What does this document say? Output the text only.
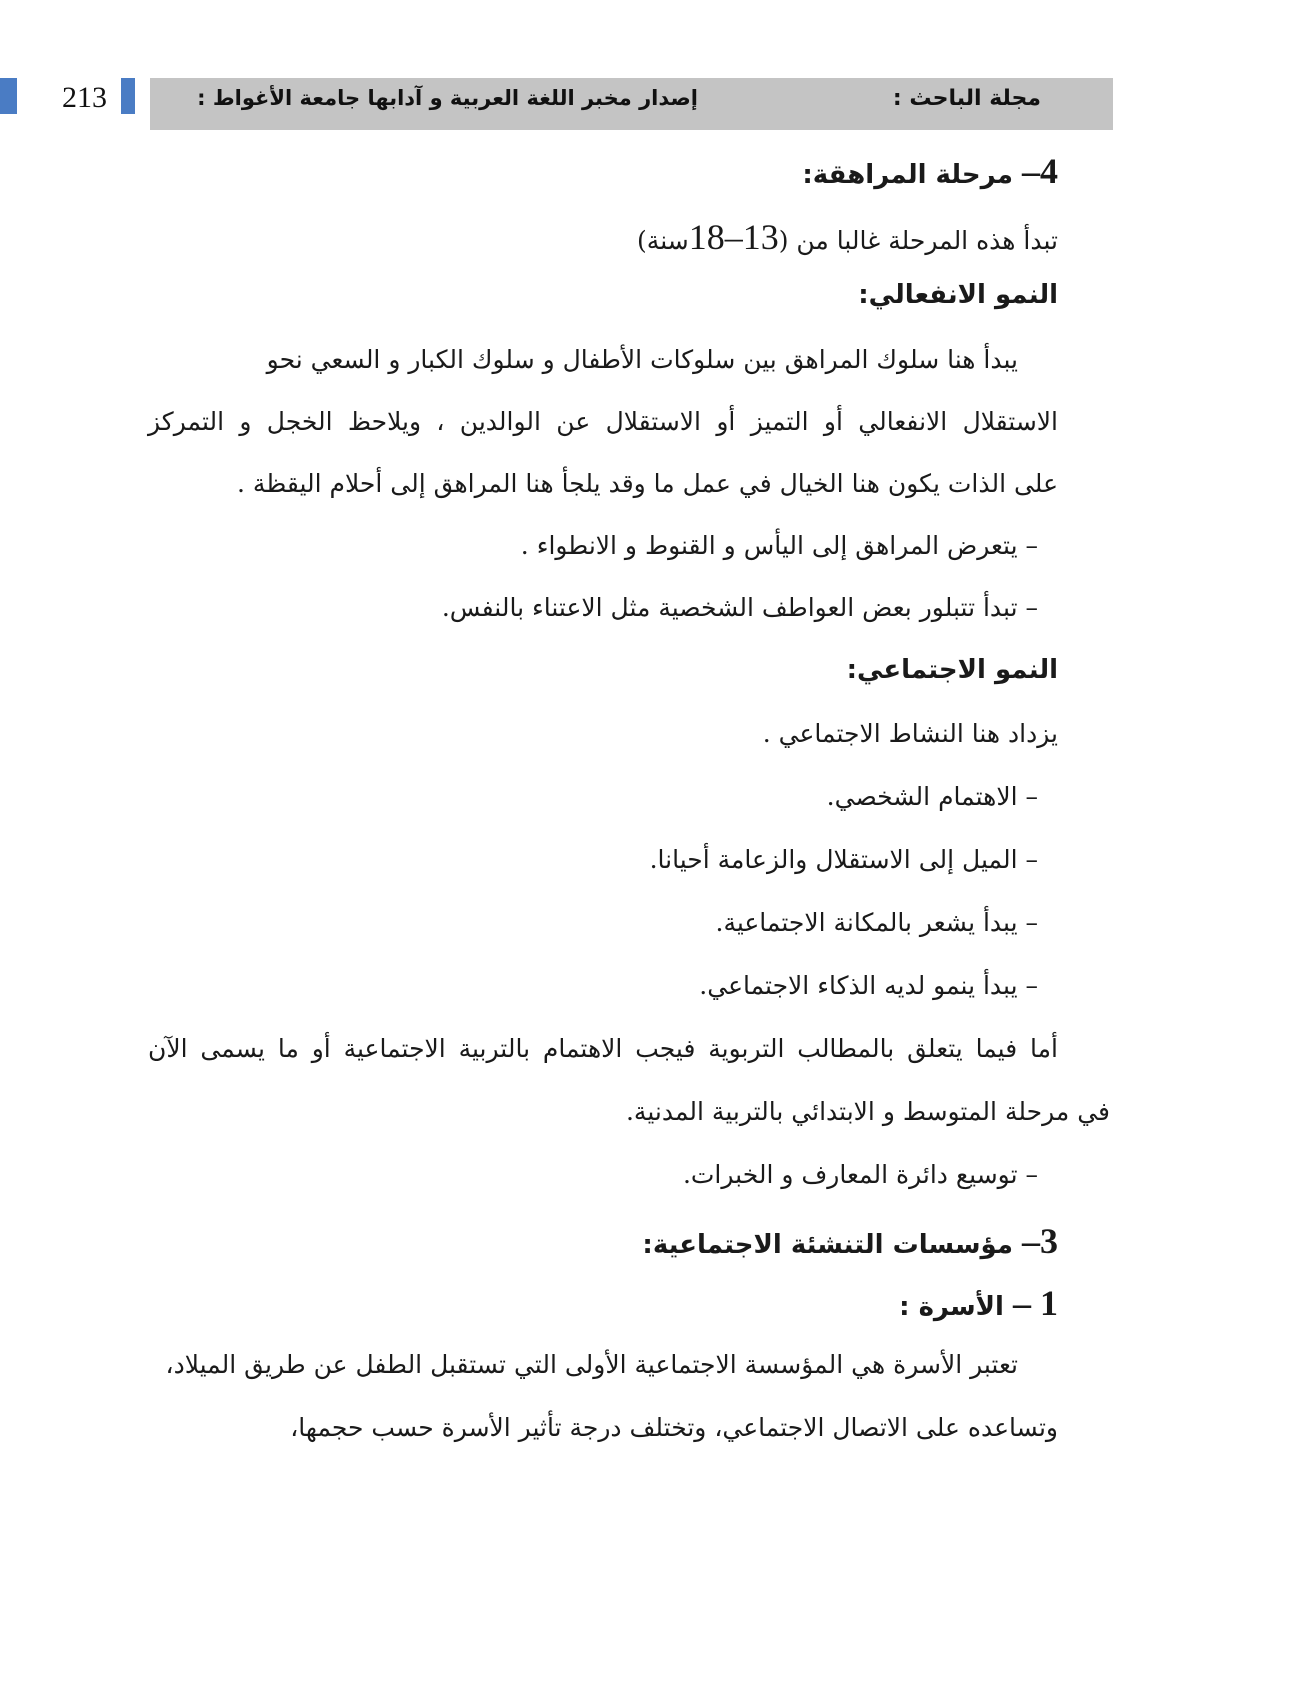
213	مجلة الباحث :
إصدار مخبر اللغة العربية و آدابها جامعة الأغواط :
4– مرحلة المراهقة:
تبدأ هذه المرحلة غالبا من (13–18سنة)
النمو الانفعالي:
يبدأ هنا سلوك المراهق بين سلوكات الأطفال و سلوك الكبار و السعي نحو
الاستقلال الانفعالي أو التميز أو الاستقلال عن الوالدين ، ويلاحظ الخجل و التمركز
على الذات يكون هنا الخيال في عمل ما وقد يلجأ هنا المراهق إلى أحلام اليقظة .
– يتعرض المراهق إلى اليأس و القنوط و الانطواء .
– تبدأ تتبلور بعض العواطف الشخصية مثل الاعتناء بالنفس.
النمو الاجتماعي:
يزداد هنا النشاط الاجتماعي .
– الاهتمام الشخصي.
– الميل إلى الاستقلال والزعامة أحيانا.
– يبدأ يشعر بالمكانة الاجتماعية.
– يبدأ ينمو لديه الذكاء الاجتماعي.
أما فيما يتعلق بالمطالب التربوية فيجب الاهتمام بالتربية الاجتماعية أو ما يسمى الآن
في مرحلة المتوسط و الابتدائي بالتربية المدنية.
– توسيع دائرة المعارف و الخبرات.
3– مؤسسات التنشئة الاجتماعية:
1 – الأسرة :
تعتبر الأسرة هي المؤسسة الاجتماعية الأولى التي تستقبل الطفل عن طريق الميلاد،
وتساعده على الاتصال الاجتماعي، وتختلف درجة تأثير الأسرة حسب حجمها،
